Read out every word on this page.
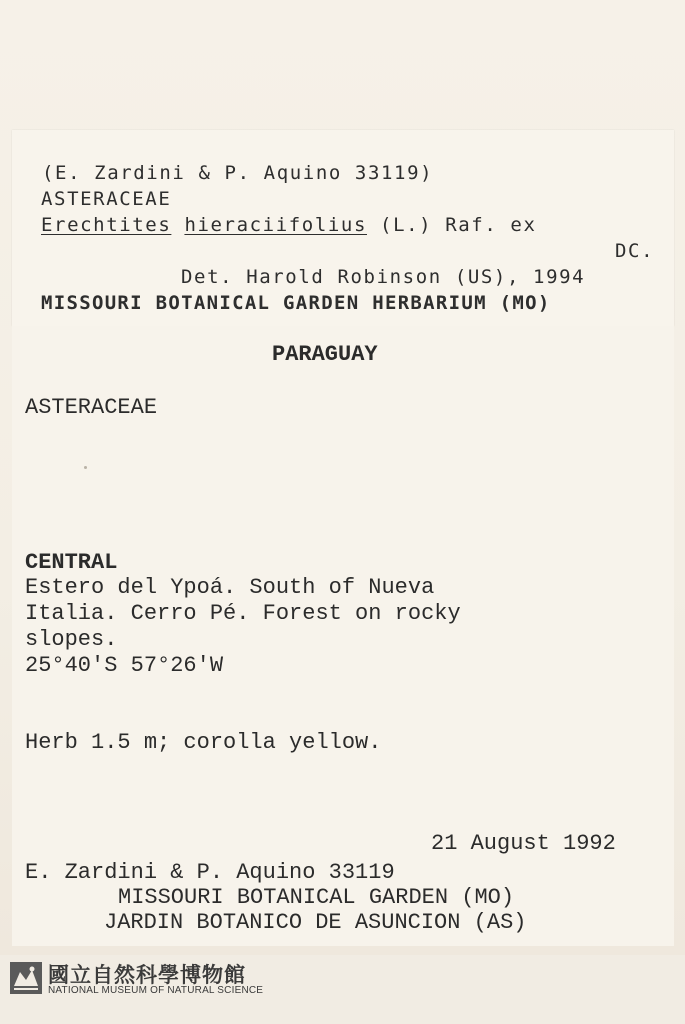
(E. Zardini & P. Aquino 33119)
ASTERACEAE
Erechtites hieraciifolius (L.) Raf. ex
DC.
Det. Harold Robinson (US), 1994
MISSOURI BOTANICAL GARDEN HERBARIUM (MO)
PARAGUAY
ASTERACEAE
CENTRAL
Estero del Ypoá. South of Nueva
Italia. Cerro Pé. Forest on rocky
slopes.
25°40'S 57°26'W
Herb 1.5 m; corolla yellow.
21 August 1992
E. Zardini & P. Aquino 33119
MISSOURI BOTANICAL GARDEN (MO)
JARDIN BOTANICO DE ASUNCION (AS)
國立自然科學博物館
NATIONAL MUSEUM OF NATURAL SCIENCE
